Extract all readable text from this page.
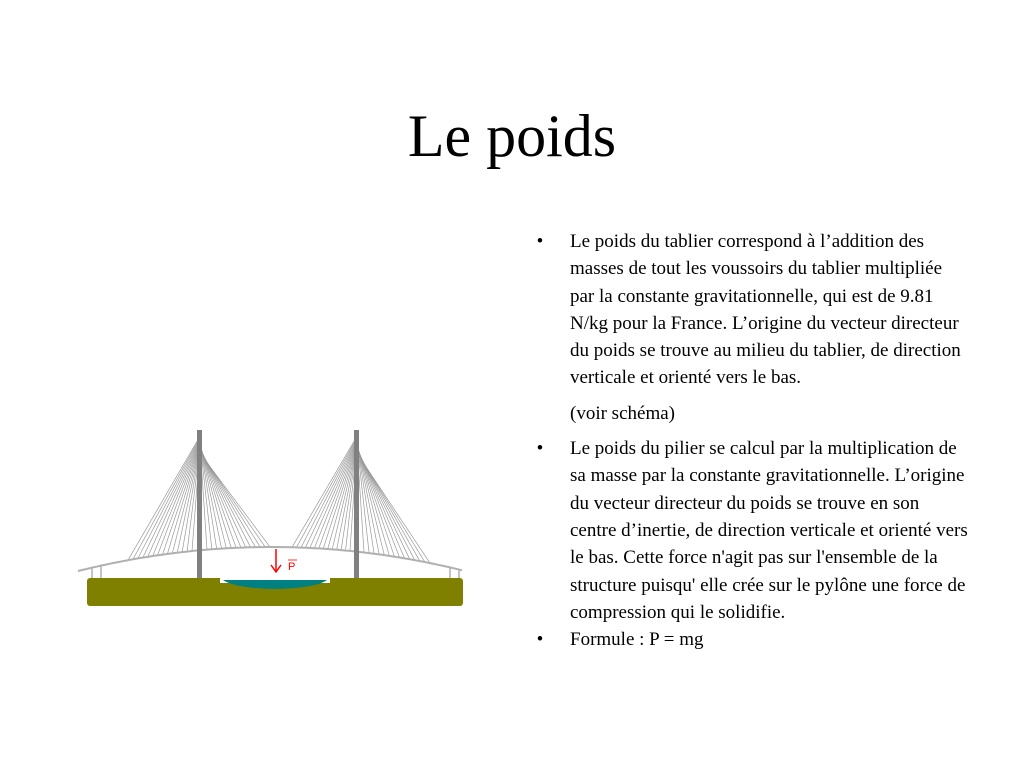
Le poids
•	Le poids du tablier correspond à l’addition des masses de tout les voussoirs du tablier multipliée par la constante gravitationnelle, qui est de 9.81 N/kg pour la France. L’origine du vecteur directeur du poids se trouve au milieu du tablier, de direction verticale et orienté vers le bas.
(voir schéma)
•	Le poids du pilier se calcul par la multiplication de sa masse par la constante gravitationnelle. L’origine du vecteur directeur du poids se trouve en son centre d’inertie, de direction verticale et orienté vers le bas. Cette force n'agit pas sur l'ensemble de la structure puisqu' elle crée sur le pylône une force de compression qui le solidifie.
•	Formule : P = mg
P
